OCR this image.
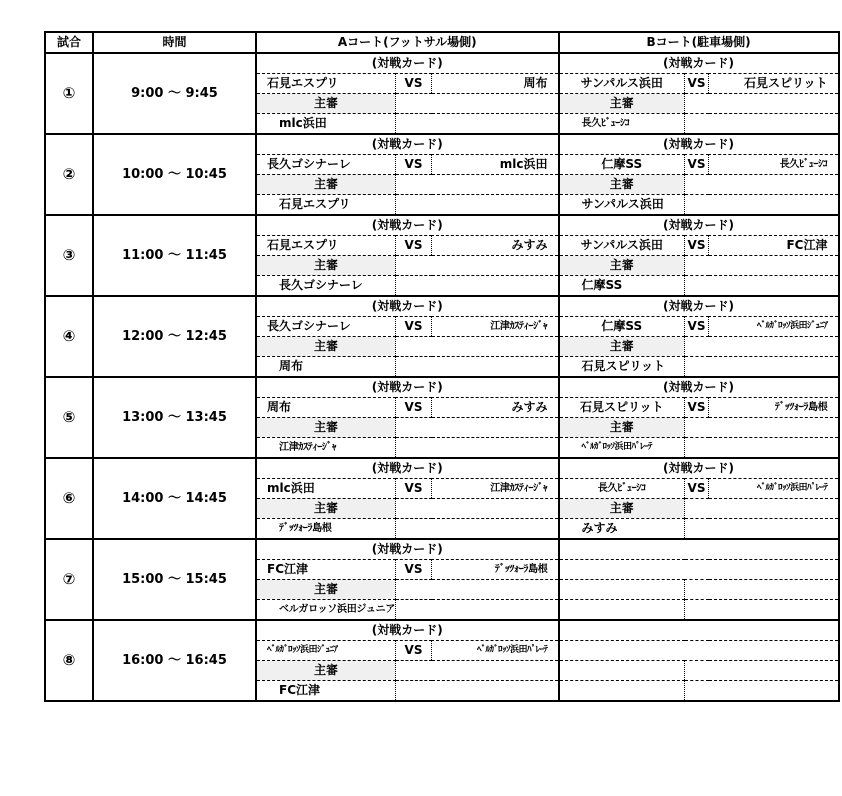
試合	時間	Aコート(フットサル場側)			Bコート(駐車場側)		
①	9:00 ～ 9:45	(対戦カード)			(対戦カード)		
		石見エスプリ	VS	周布	サンパルス浜田	VS	石見スピリット
		主審			主審		
		mlc浜田			長久ﾋﾞｭｰｼｺ		
②	10:00 ～ 10:45	(対戦カード)			(対戦カード)		
		長久ゴシナーレ	VS	mlc浜田	仁摩SS	VS	長久ﾋﾞｭｰｼｺ
		主審			主審		
		石見エスプリ			サンパルス浜田		
③	11:00 ～ 11:45	(対戦カード)			(対戦カード)		
		石見エスプリ	VS	みすみ	サンパルス浜田	VS	FC江津
		主審			主審		
		長久ゴシナーレ			仁摩SS		
④	12:00 ～ 12:45	(対戦カード)			(対戦カード)		
		長久ゴシナーレ	VS	江津ｶｽﾃｨｰｼﾞｬ	仁摩SS	VS	ﾍﾞﾙｶﾞﾛｯｿ浜田ｼﾞｭﾆｱ
		主審			主審		
		周布			石見スピリット		
⑤	13:00 ～ 13:45	(対戦カード)			(対戦カード)		
		周布	VS	みすみ	石見スピリット	VS	ﾃﾞｯﾂｫｰﾗ島根
		主審			主審		
		江津ｶｽﾃｨｰｼﾞｬ			ﾍﾞﾙｶﾞﾛｯｿ浜田ﾊﾟﾚｰﾃ		
⑥	14:00 ～ 14:45	(対戦カード)			(対戦カード)		
		mlc浜田	VS	江津ｶｽﾃｨｰｼﾞｬ	長久ﾋﾞｭｰｼｺ	VS	ﾍﾞﾙｶﾞﾛｯｿ浜田ﾊﾟﾚｰﾃ
		主審			主審		
		ﾃﾞｯﾂｫｰﾗ島根			みすみ		
⑦	15:00 ～ 15:45	(対戦カード)					
		FC江津	VS	ﾃﾞｯﾂｫｰﾗ島根			
		主審					
		ベルガロッソ浜田ジュニア					
⑧	16:00 ～ 16:45	(対戦カード)					
		ﾍﾞﾙｶﾞﾛｯｿ浜田ｼﾞｭﾆｱ	VS	ﾍﾞﾙｶﾞﾛｯｿ浜田ﾊﾟﾚｰﾃ			
		主審					
		FC江津					
